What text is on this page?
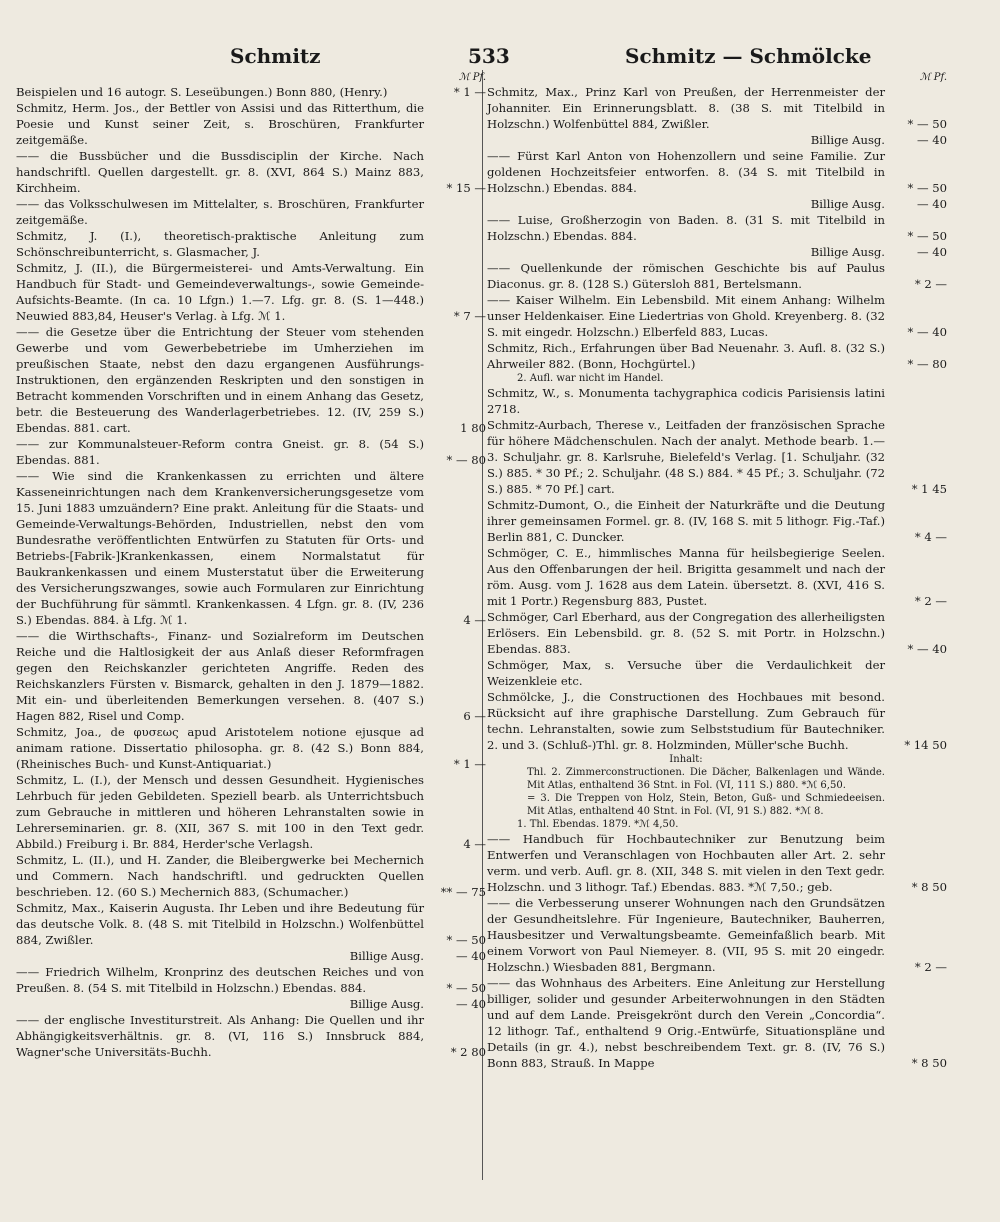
Schmitz	533	Schmitz — Schmölcke
ℳ Pf.
Beispielen und 16 autogr. S. Leseübungen.) Bonn 880, (Henry.)	* 1 —
Schmitz, Herm. Jos., der Bettler von Assisi und das Ritterthum, die Poesie und Kunst seiner Zeit, s. Broschüren, Frankfurter zeitgemäße.
—— die Bussbücher und die Bussdisciplin der Kirche. Nach handschriftl. Quellen dargestellt. gr. 8. (XVI, 864 S.) Mainz 883, Kirchheim.	* 15 —
—— das Volksschulwesen im Mittelalter, s. Broschüren, Frankfurter zeitgemäße.
Schmitz, J. (I.), theoretisch-praktische Anleitung zum Schönschreibunterricht, s. Glasmacher, J.
Schmitz, J. (II.), die Bürgermeisterei- und Amts-Verwaltung. Ein Handbuch für Stadt- und Gemeindeverwaltungs-, sowie Gemeinde-Aufsichts-Beamte. (In ca. 10 Lfgn.) 1.—7. Lfg. gr. 8. (S. 1—448.) Neuwied 883,84, Heuser's Verlag. à Lfg. ℳ 1.	* 7 —
—— die Gesetze über die Entrichtung der Steuer vom stehenden Gewerbe und vom Gewerbebetriebe im Umherziehen im preußischen Staate, nebst den dazu ergangenen Ausführungs-Instruktionen, den ergänzenden Reskripten und den sonstigen in Betracht kommenden Vorschriften und in einem Anhang das Gesetz, betr. die Besteuerung des Wanderlagerbetriebes. 12. (IV, 259 S.) Ebendas. 881. cart.	1 80
—— zur Kommunalsteuer-Reform contra Gneist. gr. 8. (54 S.) Ebendas. 881.	* — 80
—— Wie sind die Krankenkassen zu errichten und ältere Kasseneinrichtungen nach dem Krankenversicherungsgesetze vom 15. Juni 1883 umzuändern? Eine prakt. Anleitung für die Staats- und Gemeinde-Verwaltungs-Behörden, Industriellen, nebst den vom Bundesrathe veröffentlichten Entwürfen zu Statuten für Orts- und Betriebs-[Fabrik-]Krankenkassen, einem Normalstatut für Baukrankenkassen und einem Musterstatut über die Erweiterung des Versicherungszwanges, sowie auch Formularen zur Einrichtung der Buchführung für sämmtl. Krankenkassen. 4 Lfgn. gr. 8. (IV, 236 S.) Ebendas. 884. à Lfg. ℳ 1.	4 —
—— die Wirthschafts-, Finanz- und Sozialreform im Deutschen Reiche und die Haltlosigkeit der aus Anlaß dieser Reformfragen gegen den Reichskanzler gerichteten Angriffe. Reden des Reichskanzlers Fürsten v. Bismarck, gehalten in den J. 1879—1882. Mit ein- und überleitenden Bemerkungen versehen. 8. (407 S.) Hagen 882, Risel und Comp.	6 —
Schmitz, Joa., de φυσεως apud Aristotelem notione ejusque ad animam ratione. Dissertatio philosopha. gr. 8. (42 S.) Bonn 884, (Rheinisches Buch- und Kunst-Antiquariat.)	* 1 —
Schmitz, L. (I.), der Mensch und dessen Gesundheit. Hygienisches Lehrbuch für jeden Gebildeten. Speziell bearb. als Unterrichtsbuch zum Gebrauche in mittleren und höheren Lehranstalten sowie in Lehrerseminarien. gr. 8. (XII, 367 S. mit 100 in den Text gedr. Abbild.) Freiburg i. Br. 884, Herder'sche Verlagsh.	4 —
Schmitz, L. (II.), und H. Zander, die Bleibergwerke bei Mechernich und Commern. Nach handschriftl. und gedruckten Quellen beschrieben. 12. (60 S.) Mechernich 883, (Schumacher.)	** — 75
Schmitz, Max., Kaiserin Augusta. Ihr Leben und ihre Bedeutung für das deutsche Volk. 8. (48 S. mit Titelbild in Holzschn.) Wolfenbüttel 884, Zwißler.	* — 50
Billige Ausg.	— 40
—— Friedrich Wilhelm, Kronprinz des deutschen Reiches und von Preußen. 8. (54 S. mit Titelbild in Holzschn.) Ebendas. 884.	* — 50
Billige Ausg.	— 40
—— der englische Investiturstreit. Als Anhang: Die Quellen und ihr Abhängigkeitsverhältnis. gr. 8. (VI, 116 S.) Innsbruck 884, Wagner'sche Universitäts-Buchh.	* 2 80
ℳ Pf.
Schmitz, Max., Prinz Karl von Preußen, der Herrenmeister der Johanniter. Ein Erinnerungsblatt. 8. (38 S. mit Titelbild in Holzschn.) Wolfenbüttel 884, Zwißler.	* — 50
Billige Ausg.	— 40
—— Fürst Karl Anton von Hohenzollern und seine Familie. Zur goldenen Hochzeitsfeier entworfen. 8. (34 S. mit Titelbild in Holzschn.) Ebendas. 884.	* — 50
Billige Ausg.	— 40
—— Luise, Großherzogin von Baden. 8. (31 S. mit Titelbild in Holzschn.) Ebendas. 884.	* — 50
Billige Ausg.	— 40
—— Quellenkunde der römischen Geschichte bis auf Paulus Diaconus. gr. 8. (128 S.) Gütersloh 881, Bertelsmann.	* 2 —
—— Kaiser Wilhelm. Ein Lebensbild. Mit einem Anhang: Wilhelm unser Heldenkaiser. Eine Liedertrias von Ghold. Kreyenberg. 8. (32 S. mit eingedr. Holzschn.) Elberfeld 883, Lucas.	* — 40
Schmitz, Rich., Erfahrungen über Bad Neuenahr. 3. Aufl. 8. (32 S.) Ahrweiler 882. (Bonn, Hochgürtel.)	* — 80
2. Aufl. war nicht im Handel.
Schmitz, W., s. Monumenta tachygraphica codicis Parisiensis latini 2718.
Schmitz-Aurbach, Therese v., Leitfaden der französischen Sprache für höhere Mädchenschulen. Nach der analyt. Methode bearb. 1.—3. Schuljahr. gr. 8. Karlsruhe, Bielefeld's Verlag. [1. Schuljahr. (32 S.) 885. * 30 Pf.; 2. Schuljahr. (48 S.) 884. * 45 Pf.; 3. Schuljahr. (72 S.) 885. * 70 Pf.] cart.	* 1 45
Schmitz-Dumont, O., die Einheit der Naturkräfte und die Deutung ihrer gemeinsamen Formel. gr. 8. (IV, 168 S. mit 5 lithogr. Fig.-Taf.) Berlin 881, C. Duncker.	* 4 —
Schmöger, C. E., himmlisches Manna für heilsbegierige Seelen. Aus den Offenbarungen der heil. Brigitta gesammelt und nach der röm. Ausg. vom J. 1628 aus dem Latein. übersetzt. 8. (XVI, 416 S. mit 1 Portr.) Regensburg 883, Pustet.	* 2 —
Schmöger, Carl Eberhard, aus der Congregation des allerheiligsten Erlösers. Ein Lebensbild. gr. 8. (52 S. mit Portr. in Holzschn.) Ebendas. 883.	* — 40
Schmöger, Max, s. Versuche über die Verdaulichkeit der Weizenkleie etc.
Schmölcke, J., die Constructionen des Hochbaues mit besond. Rücksicht auf ihre graphische Darstellung. Zum Gebrauch für techn. Lehranstalten, sowie zum Selbststudium für Bautechniker. 2. und 3. (Schluß-)Thl. gr. 8. Holzminden, Müller'sche Buchh.	* 14 50
Inhalt:
Thl. 2. Zimmerconstructionen. Die Dächer, Balkenlagen und Wände. Mit Atlas, enthaltend 36 Stnt. in Fol. (VI, 111 S.) 880. *ℳ 6,50.
= 3. Die Treppen von Holz, Stein, Beton, Guß- und Schmiedeeisen. Mit Atlas, enthaltend 40 Stnt. in Fol. (VI, 91 S.) 882. *ℳ 8.
1. Thl. Ebendas. 1879. *ℳ 4,50.
—— Handbuch für Hochbautechniker zur Benutzung beim Entwerfen und Veranschlagen von Hochbauten aller Art. 2. sehr verm. und verb. Aufl. gr. 8. (XII, 348 S. mit vielen in den Text gedr. Holzschn. und 3 lithogr. Taf.) Ebendas. 883. *ℳ 7,50.; geb.	* 8 50
—— die Verbesserung unserer Wohnungen nach den Grundsätzen der Gesundheitslehre. Für Ingenieure, Bautechniker, Bauherren, Hausbesitzer und Verwaltungsbeamte. Gemeinfaßlich bearb. Mit einem Vorwort von Paul Niemeyer. 8. (VII, 95 S. mit 20 eingedr. Holzschn.) Wiesbaden 881, Bergmann.	* 2 —
—— das Wohnhaus des Arbeiters. Eine Anleitung zur Herstellung billiger, solider und gesunder Arbeiterwohnungen in den Städten und auf dem Lande. Preisgekrönt durch den Verein „Concordia“. 12 lithogr. Taf., enthaltend 9 Orig.-Entwürfe, Situationspläne und Details (in gr. 4.), nebst beschreibendem Text. gr. 8. (IV, 76 S.) Bonn 883, Strauß. In Mappe	* 8 50
